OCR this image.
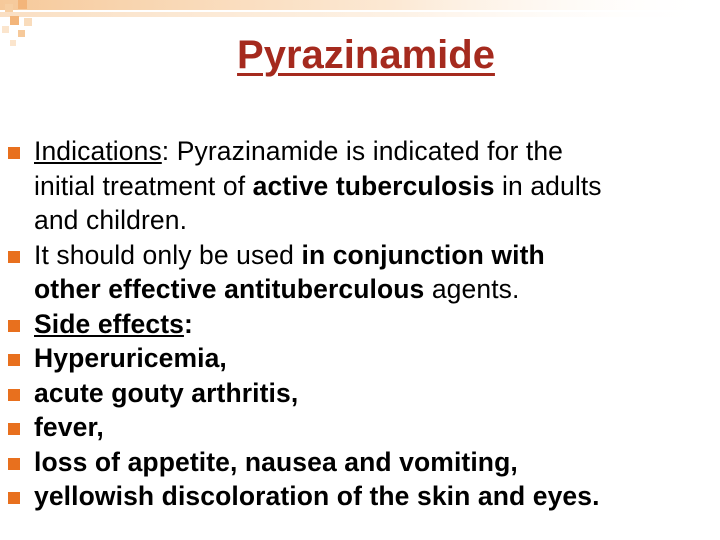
Pyrazinamide
Indications: Pyrazinamide is indicated for the
initial treatment of active tuberculosis in adults
and children.
It should only be used in conjunction with
other effective antituberculous agents.
Side effects:
Hyperuricemia,
acute gouty arthritis,
fever,
loss of appetite, nausea and vomiting,
yellowish discoloration of the skin and eyes.
